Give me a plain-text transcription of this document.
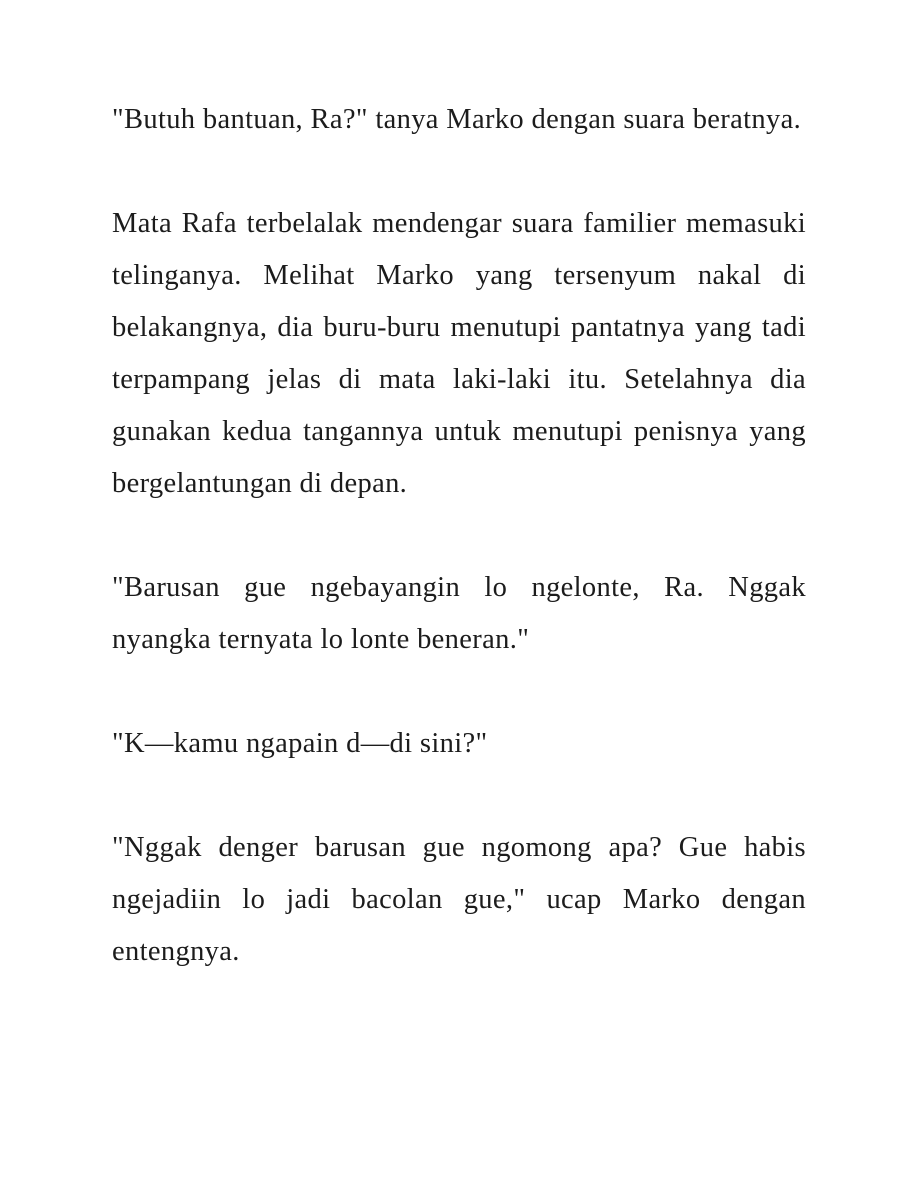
"Butuh bantuan, Ra?" tanya Marko dengan suara beratnya.

Mata Rafa terbelalak mendengar suara familier memasuki telinganya. Melihat Marko yang tersenyum nakal di belakangnya, dia buru-buru menutupi pantatnya yang tadi terpampang jelas di mata laki-laki itu. Setelahnya dia gunakan kedua tangannya untuk menutupi penisnya yang bergelantungan di depan.

"Barusan gue ngebayangin lo ngelonte, Ra. Nggak nyangka ternyata lo lonte beneran."

"K—kamu ngapain d—di sini?"

"Nggak denger barusan gue ngomong apa? Gue habis ngejadiin lo jadi bacolan gue," ucap Marko dengan entengnya.
